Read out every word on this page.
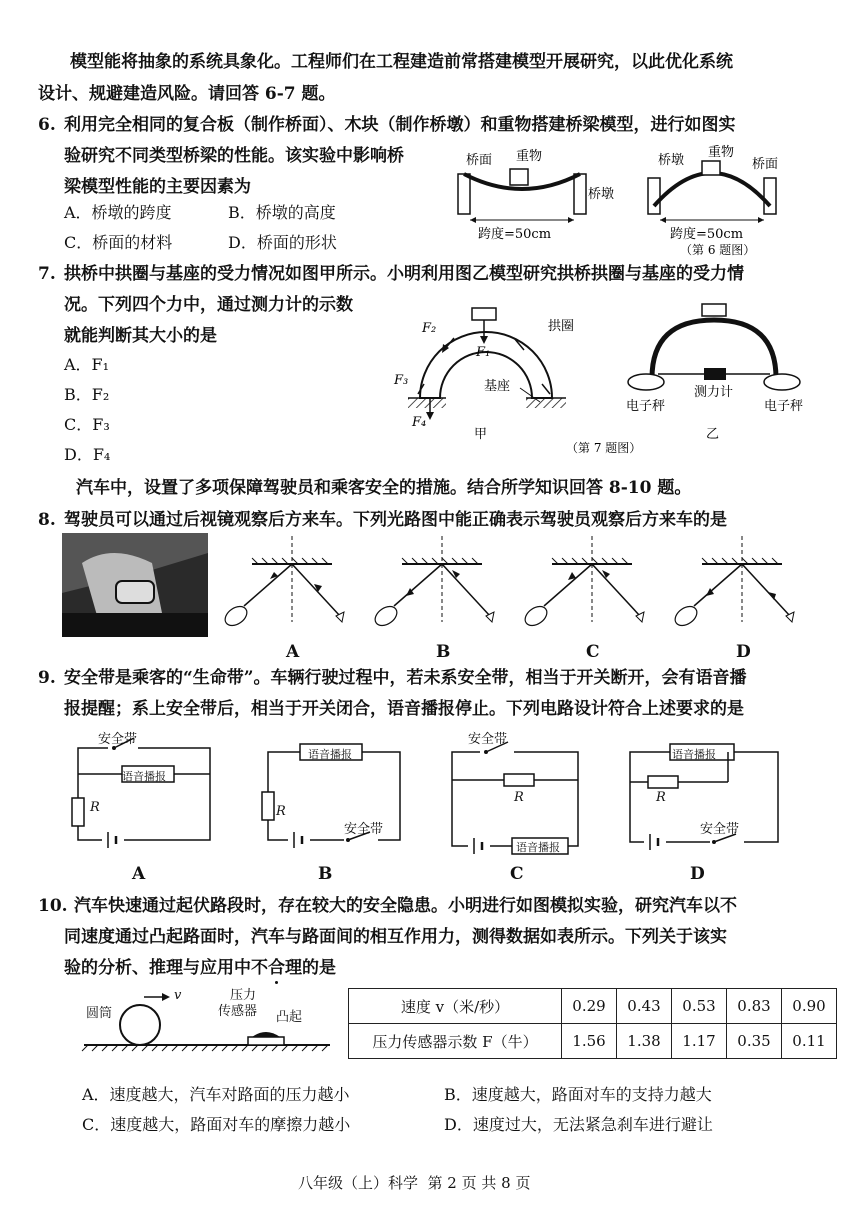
模型能将抽象的系统具象化。工程师们在工程建造前常搭建模型开展研究，以此优化系统
设计、规避建造风险。请回答 6-7 题。
6. 利用完全相同的复合板（制作桥面）、木块（制作桥墩）和重物搭建桥梁模型，进行如图实
验研究不同类型桥梁的性能。该实验中影响桥
梁模型性能的主要因素为
A．桥墩的跨度	B．桥墩的高度
C．桥面的材料	D．桥面的形状
桥面 重物
桥墩
跨度=50cm
桥墩
重物
桥面
跨度=50cm
（第 6 题图）
7. 拱桥中拱圈与基座的受力情况如图甲所示。小明利用图乙模型研究拱桥拱圈与基座的受力情
况。下列四个力中，通过测力计的示数
就能判断其大小的是
A．F₁
B．F₂
C．F₃
D．F₄
F₂
F₁
拱圈
F₃	基座
F₄
甲
测力计
电子秤	电子秤
乙
（第 7 题图）
汽车中，设置了多项保障驾驶员和乘客安全的措施。结合所学知识回答 8-10 题。
8. 驾驶员可以通过后视镜观察后方来车。下列光路图中能正确表示驾驶员观察后方来车的是
A	B	C	D
9. 安全带是乘客的“生命带”。车辆行驶过程中，若未系安全带，相当于开关断开，会有语音播
报提醒；系上安全带后，相当于开关闭合，语音播报停止。下列电路设计符合上述要求的是
安全带
语音播报
R
A
语音播报
R
安全带
B
安全带
R
语音播报
C
语音播报
R
安全带
D
10. 汽车快速通过起伏路段时，存在较大的安全隐患。小明进行如图模拟实验，研究汽车以不
同速度通过凸起路面时，汽车与路面间的相互作用力，测得数据如表所示。下列关于该实
验的分析、推理与应用中不合理的是
圆筒
v	压力
传感器 凸起
速度 v（米/秒）	0.29	0.43	0.53	0.83	0.90
压力传感器示数 F（牛）	1.56	1.38	1.17	0.35	0.11
A．速度越大，汽车对路面的压力越小	B．速度越大，路面对车的支持力越大
C．速度越大，路面对车的摩擦力越小	D．速度过大，无法紧急刹车进行避让
八年级（上）科学  第 2 页 共 8 页
